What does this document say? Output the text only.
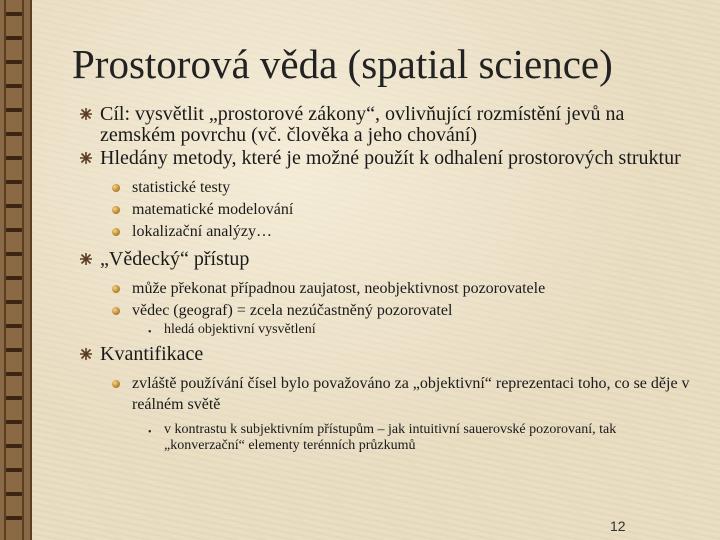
Prostorová věda (spatial science)
Cíl: vysvětlit „prostorové zákony“, ovlivňující rozmístění jevů na zemském povrchu (vč. člověka a jeho chování)
Hledány metody, které je možné použít k odhalení prostorových struktur
statistické testy
matematické modelování
lokalizační analýzy…
„Vědecký“ přístup
může překonat případnou zaujatost, neobjektivnost pozorovatele
vědec (geograf) = zcela nezúčastněný pozorovatel
• hledá objektivní vysvětlení
Kvantifikace
zvláště používání čísel bylo považováno za „objektivní“ reprezentaci toho, co se děje v reálném světě
• v kontrastu k subjektivním přístupům – jak intuitivní sauerovské pozorovaní, tak „konverzační“ elementy terénních průzkumů
12
